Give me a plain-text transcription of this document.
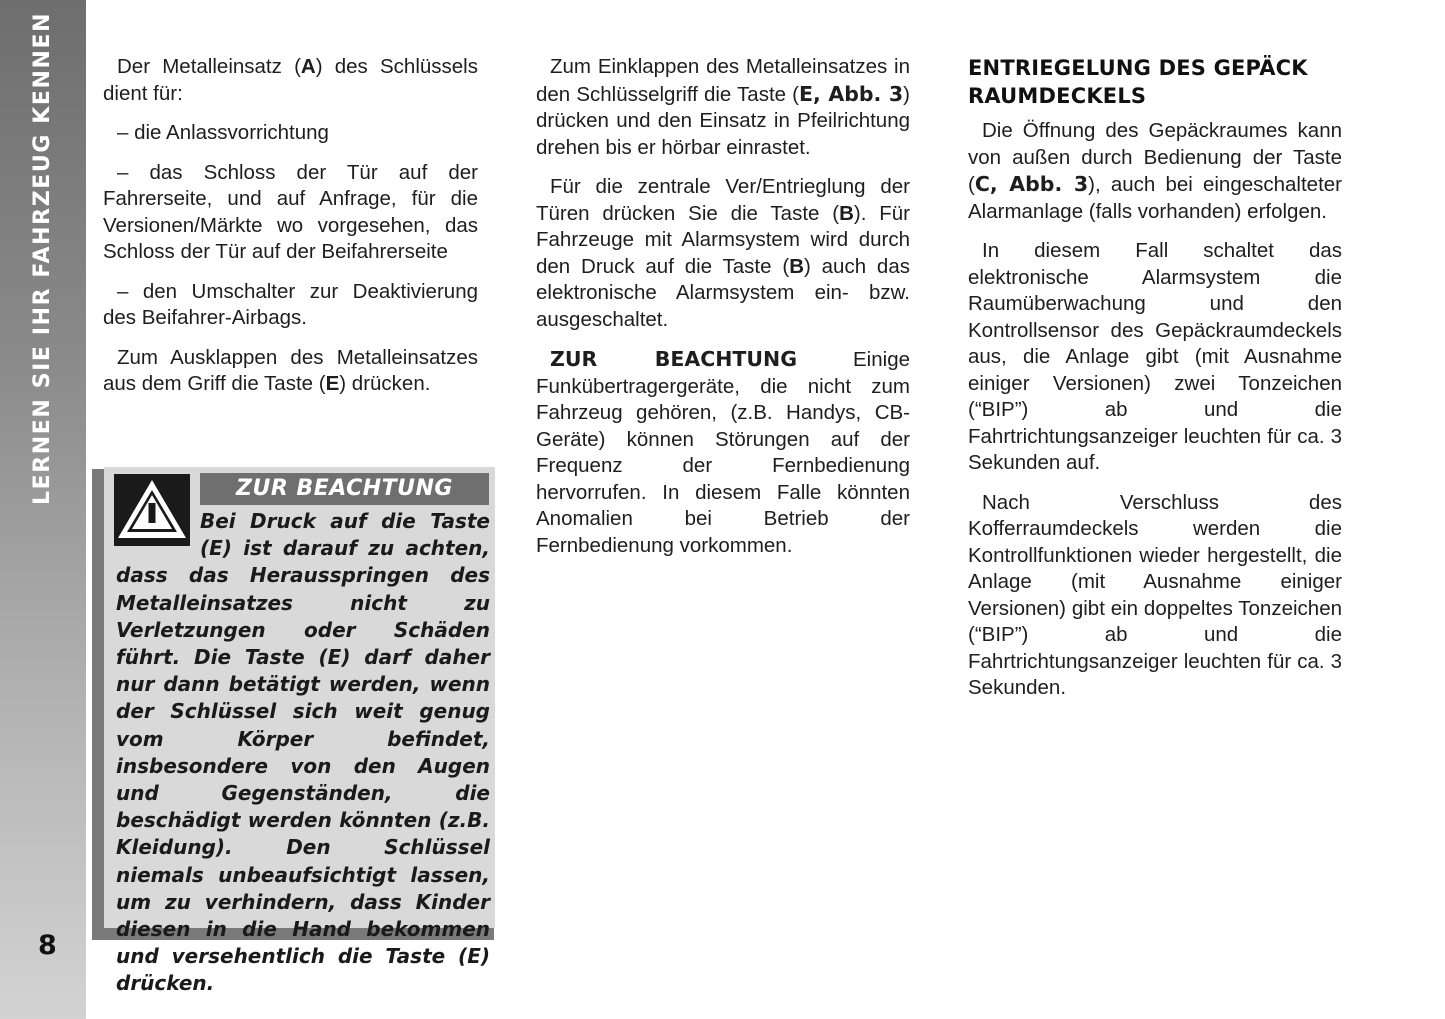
LERNEN SIE IHR FAHRZEUG KENNEN
8

Der Metalleinsatz (A) des Schlüssels dient für:

– die Anlassvorrichtung

– das Schloss der Tür auf der Fahrerseite, und auf Anfrage, für die Versionen/Märkte wo vorgesehen, das Schloss der Tür auf der Beifahrerseite

– den Umschalter zur Deaktivierung des Beifahrer-Airbags.

Zum Ausklappen des Metalleinsatzes aus dem Griff die Taste (E) drücken.

ZUR BEACHTUNG
Bei Druck auf die Taste (E) ist darauf zu achten, dass das Herausspringen des Metalleinsatzes nicht zu Verletzungen oder Schäden führt. Die Taste (E) darf daher nur dann betätigt werden, wenn der Schlüssel sich weit genug vom Körper befindet, insbesondere von den Augen und Gegenständen, die beschädigt werden könnten (z.B. Kleidung). Den Schlüssel niemals unbeaufsichtigt lassen, um zu verhindern, dass Kinder diesen in die Hand bekommen und versehentlich die Taste (E) drücken.

Zum Einklappen des Metalleinsatzes in den Schlüsselgriff die Taste (E, Abb. 3) drücken und den Einsatz in Pfeilrichtung drehen bis er hörbar einrastet.

Für die zentrale Ver/Entrieglung der Türen drücken Sie die Taste (B). Für Fahrzeuge mit Alarmsystem wird durch den Druck auf die Taste (B) auch das elektronische Alarmsystem ein- bzw. ausgeschaltet.

ZUR BEACHTUNG Einige Funkübertragergeräte, die nicht zum Fahrzeug gehören, (z.B. Handys, CB-Geräte) können Störungen auf der Frequenz der Fernbedienung hervorrufen. In diesem Falle könnten Anomalien bei Betrieb der Fernbedienung vorkommen.

ENTRIEGELUNG DES GEPÄCK RAUMDECKELS

Die Öffnung des Gepäckraumes kann von außen durch Bedienung der Taste (C, Abb. 3), auch bei eingeschalteter Alarmanlage (falls vorhanden) erfolgen.

In diesem Fall schaltet das elektronische Alarmsystem die Raumüberwachung und den Kontrollsensor des Gepäckraumdeckels aus, die Anlage gibt (mit Ausnahme einiger Versionen) zwei Tonzeichen (“BIP”) ab und die Fahrtrichtungsanzeiger leuchten für ca. 3 Sekunden auf.

Nach Verschluss des Kofferraumdeckels werden die Kontrollfunktionen wieder hergestellt, die Anlage (mit Ausnahme einiger Versionen) gibt ein doppeltes Tonzeichen (“BIP”) ab und die Fahrtrichtungsanzeiger leuchten für ca. 3 Sekunden.
